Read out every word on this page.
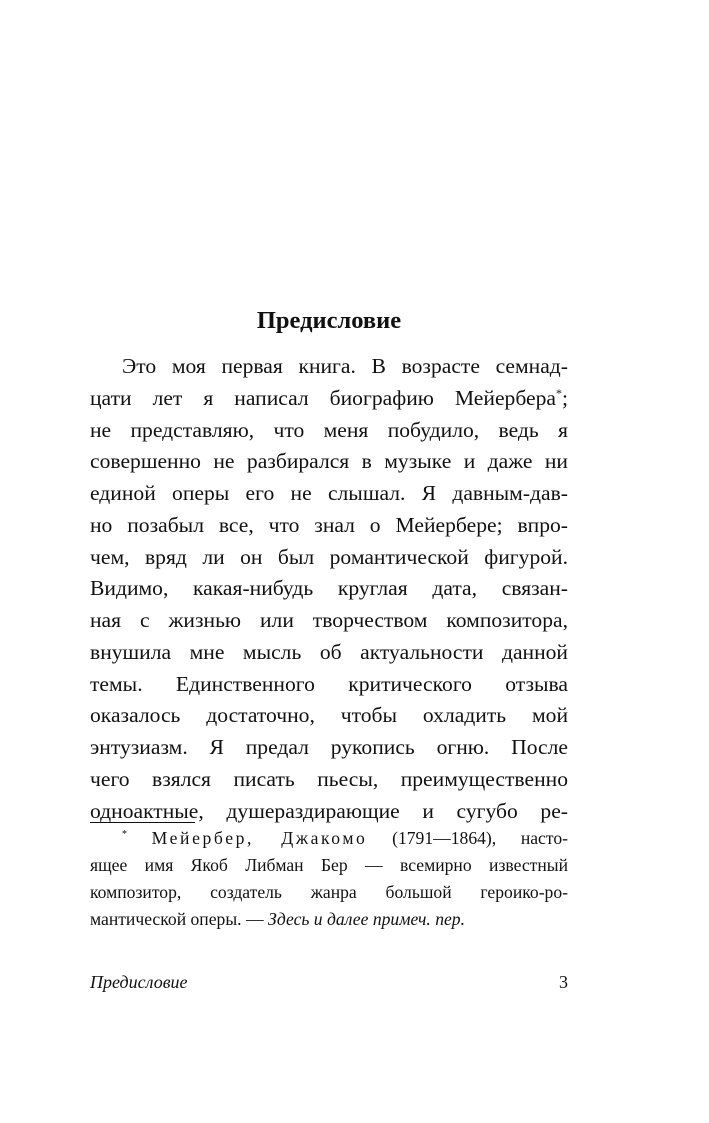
Предисловие
Это моя первая книга. В возрасте семнад-
цати лет я написал биографию Мейербера*;
не представляю, что меня побудило, ведь я
совершенно не разбирался в музыке и даже ни
единой оперы его не слышал. Я давным-дав-
но позабыл все, что знал о Мейербере; впро-
чем, вряд ли он был романтической фигурой.
Видимо, какая-нибудь круглая дата, связан-
ная с жизнью или творчеством композитора,
внушила мне мысль об актуальности данной
темы. Единственного критического отзыва
оказалось достаточно, чтобы охладить мой
энтузиазм. Я предал рукопись огню. После
чего взялся писать пьесы, преимущественно
одноактные, душераздирающие и сугубо ре-
* Мейербер, Джакомо (1791—1864), насто-
ящее имя Якоб Либман Бер — всемирно известный
композитор, создатель жанра большой героико-ро-
мантической оперы. — Здесь и далее примеч. пер.
Предисловие	3
